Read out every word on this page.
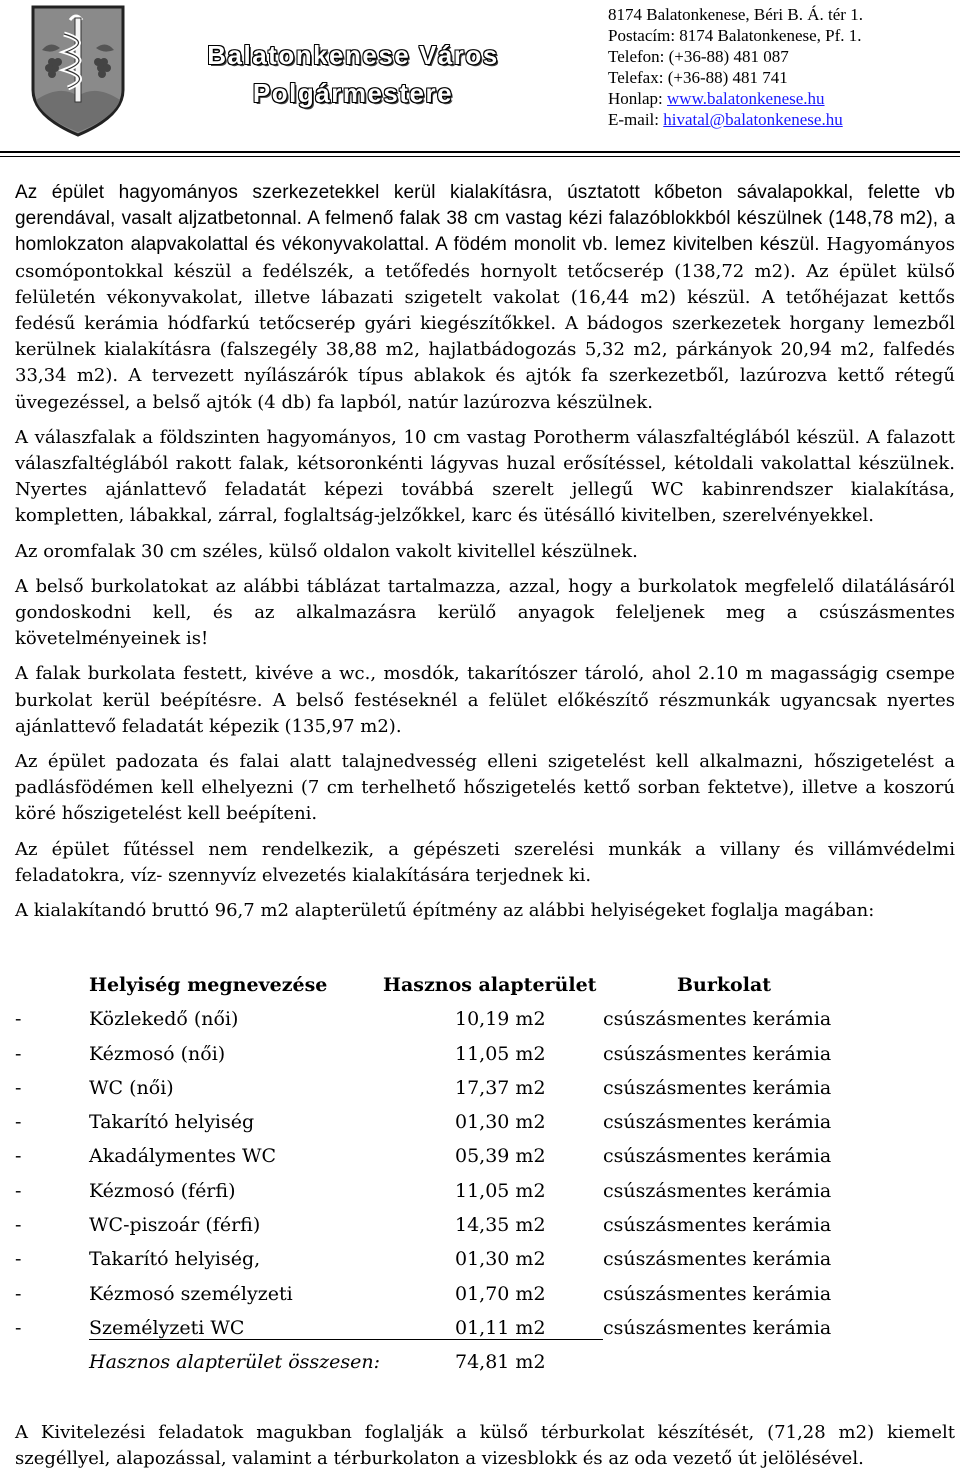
Balatonkenese Város
Polgármestere
8174 Balatonkenese, Béri B. Á. tér 1.
Postacím: 8174 Balatonkenese, Pf. 1.
Telefon: (+36-88) 481 087
Telefax: (+36-88) 481 741
Honlap: www.balatonkenese.hu
E-mail: hivatal@balatonkenese.hu

Az épület hagyományos szerkezetekkel kerül kialakításra, úsztatott kőbeton sávalapokkal, felette vb gerendával, vasalt aljzatbetonnal. A felmenő falak 38 cm vastag kézi falazóblokkból készülnek (148,78 m2), a homlokzaton alapvakolattal és vékonyvakolattal. A födém monolit vb. lemez kivitelben készül. Hagyományos csomópontokkal készül a fedélszék, a tetőfedés hornyolt tetőcserép (138,72 m2). Az épület külső felületén vékonyvakolat, illetve lábazati szigetelt vakolat (16,44 m2) készül. A tetőhéjazat kettős fedésű kerámia hódfarkú tetőcserép gyári kiegészítőkkel. A bádogos szerkezetek horgany lemezből kerülnek kialakításra (falszegély 38,88 m2, hajlatbádogozás 5,32 m2, párkányok 20,94 m2, falfedés 33,34 m2). A tervezett nyílászárók típus ablakok és ajtók fa szerkezetből, lazúrozva kettő rétegű üvegezéssel, a belső ajtók (4 db) fa lapból, natúr lazúrozva készülnek.

A válaszfalak a földszinten hagyományos, 10 cm vastag Porotherm válaszfaltéglából készül. A falazott válaszfaltéglából rakott falak, kétsoronkénti lágyvas huzal erősítéssel, kétoldali vakolattal készülnek. Nyertes ajánlattevő feladatát képezi továbbá szerelt jellegű WC kabinrendszer kialakítása, kompletten, lábakkal, zárral, foglaltság-jelzőkkel, karc és ütésálló kivitelben, szerelvényekkel.

Az oromfalak 30 cm széles, külső oldalon vakolt kivitellel készülnek.

A belső burkolatokat az alábbi táblázat tartalmazza, azzal, hogy a burkolatok megfelelő dilatálásáról gondoskodni kell, és az alkalmazásra kerülő anyagok feleljenek meg a csúszásmentes követelményeinek is!

A falak burkolata festett, kivéve a wc., mosdók, takarítószer tároló, ahol 2.10 m magasságig csempe burkolat kerül beépítésre. A belső festéseknél a felület előkészítő részmunkák ugyancsak nyertes ajánlattevő feladatát képezik (135,97 m2).

Az épület padozata és falai alatt talajnedvesség elleni szigetelést kell alkalmazni, hőszigetelést a padlásfödémen kell elhelyezni (7 cm terhelhető hőszigetelés kettő sorban fektetve), illetve a koszorú köré hőszigetelést kell beépíteni.

Az épület fűtéssel nem rendelkezik, a gépészeti szerelési munkák a villany és villámvédelmi feladatokra, víz- szennyvíz elvezetés kialakítására terjednek ki.

A kialakítandó bruttó 96,7 m2 alapterületű építmény az alábbi helyiségeket foglalja magában:

Helyiség megnevezése	Hasznos alapterület	Burkolat
-	Közlekedő (női)	10,19 m2	csúszásmentes kerámia
-	Kézmosó (női)	11,05 m2	csúszásmentes kerámia
-	WC (női)	17,37 m2	csúszásmentes kerámia
-	Takarító helyiség	01,30 m2	csúszásmentes kerámia
-	Akadálymentes WC	05,39 m2	csúszásmentes kerámia
-	Kézmosó (férfi)	11,05 m2	csúszásmentes kerámia
-	WC-piszoár (férfi)	14,35 m2	csúszásmentes kerámia
-	Takarító helyiség,	01,30 m2	csúszásmentes kerámia
-	Kézmosó személyzeti	01,70 m2	csúszásmentes kerámia
-	Személyzeti WC	01,11 m2	csúszásmentes kerámia
Hasznos alapterület összesen:	74,81 m2

A Kivitelezési feladatok magukban foglalják a külső térburkolat készítését, (71,28 m2) kiemelt szegéllyel, alapozással, valamint a térburkolaton a vizesblokk és az oda vezető út jelölésével.
